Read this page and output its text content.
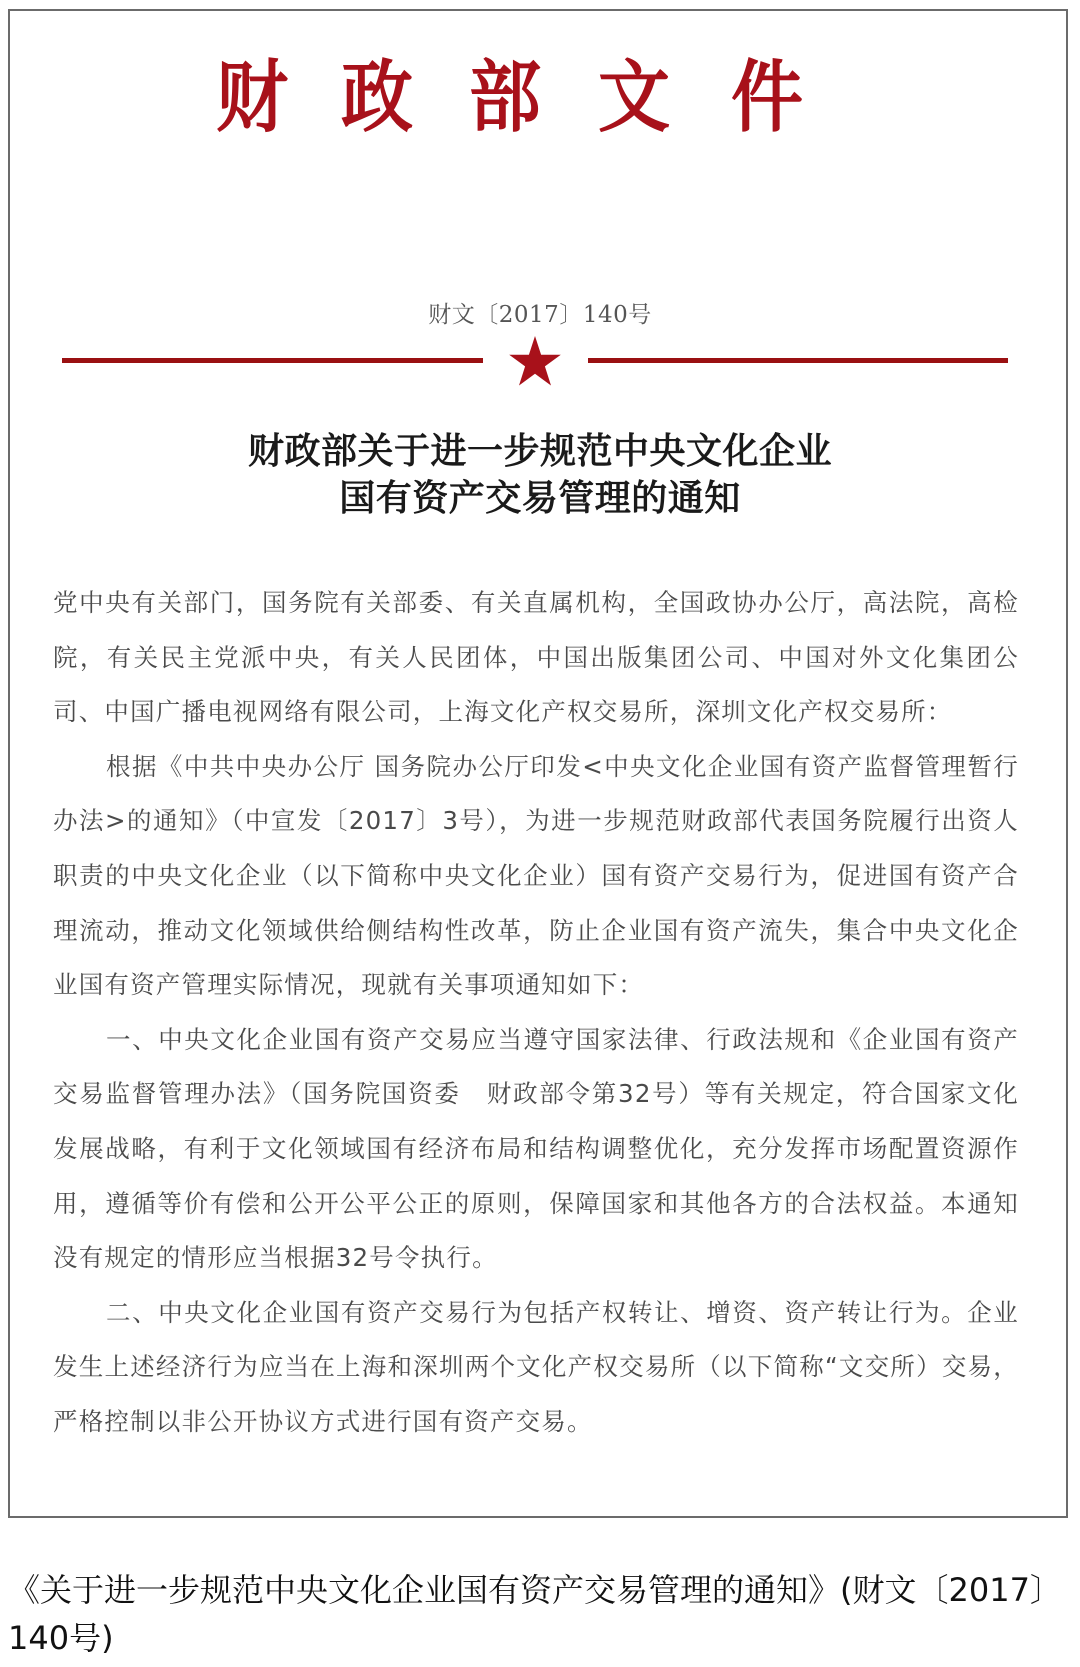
财 政 部 文 件
财文〔2017〕140号
财政部关于进一步规范中央文化企业
国有资产交易管理的通知

党中央有关部门，国务院有关部委、有关直属机构，全国政协办公厅，高法院，高检院，有关民主党派中央，有关人民团体，中国出版集团公司、中国对外文化集团公司、中国广播电视网络有限公司，上海文化产权交易所，深圳文化产权交易所：

根据《中共中央办公厅 国务院办公厅印发<中央文化企业国有资产监督管理暂行办法>的通知》（中宣发〔2017〕3号），为进一步规范财政部代表国务院履行出资人职责的中央文化企业（以下简称中央文化企业）国有资产交易行为，促进国有资产合理流动，推动文化领域供给侧结构性改革，防止企业国有资产流失，集合中央文化企业国有资产管理实际情况，现就有关事项通知如下：

一、中央文化企业国有资产交易应当遵守国家法律、行政法规和《企业国有资产交易监督管理办法》（国务院国资委　财政部令第32号）等有关规定，符合国家文化发展战略，有利于文化领域国有经济布局和结构调整优化，充分发挥市场配置资源作用，遵循等价有偿和公开公平公正的原则，保障国家和其他各方的合法权益。本通知没有规定的情形应当根据32号令执行。

二、中央文化企业国有资产交易行为包括产权转让、增资、资产转让行为。企业发生上述经济行为应当在上海和深圳两个文化产权交易所（以下简称“文交所）交易，严格控制以非公开协议方式进行国有资产交易。

《关于进一步规范中央文化企业国有资产交易管理的通知》(财文〔2017〕140号)
